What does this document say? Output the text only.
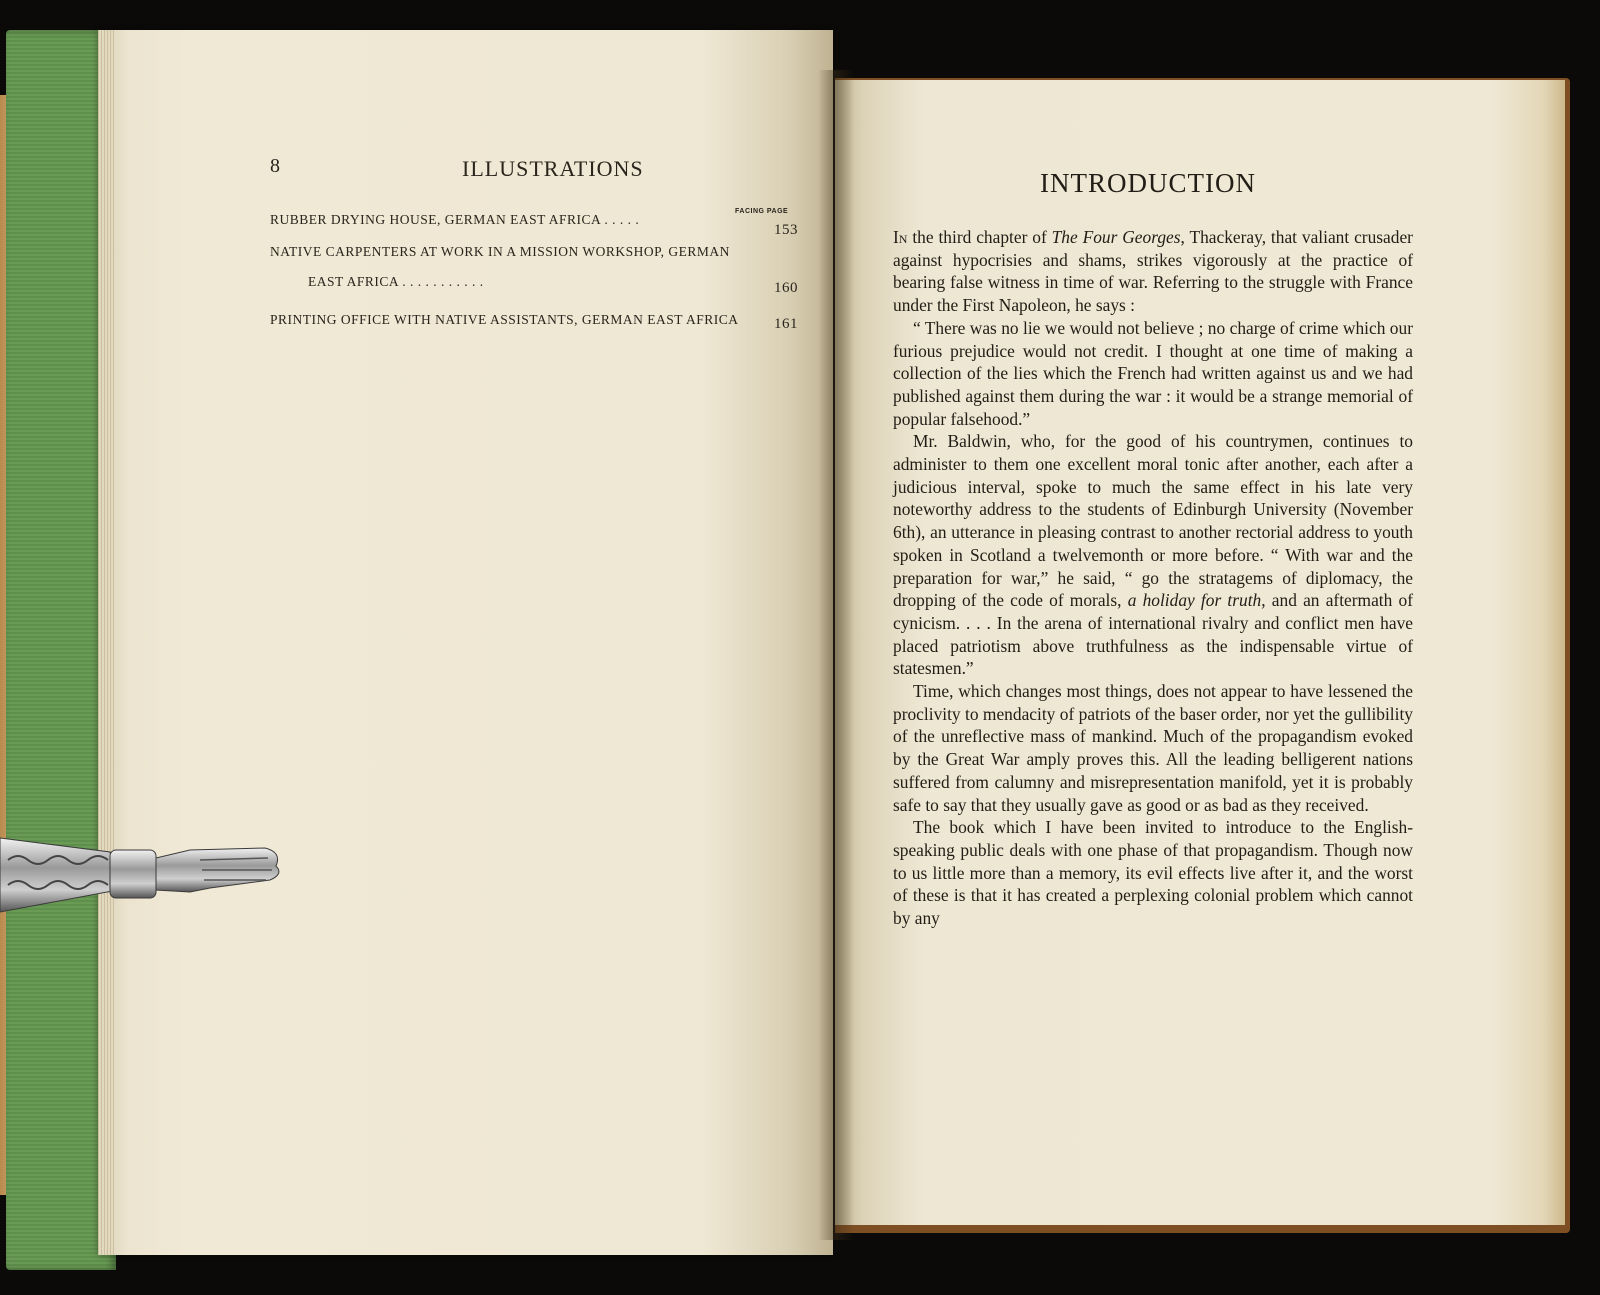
8	ILLUSTRATIONS
FACING PAGE
RUBBER DRYING HOUSE, GERMAN EAST AFRICA . . . . .
153
NATIVE CARPENTERS AT WORK IN A MISSION WORKSHOP, GERMAN
EAST AFRICA . . . . . . . . . . .	160
PRINTING OFFICE WITH NATIVE ASSISTANTS, GERMAN EAST AFRICA 161
INTRODUCTION

In the third chapter of The Four Georges, Thackeray, that valiant crusader against hypocrisies and shams, strikes vigorously at the practice of bearing false witness in time of war. Referring to the struggle with France under the First Napoleon, he says :

“ There was no lie we would not believe ; no charge of crime which our furious prejudice would not credit. I thought at one time of making a collection of the lies which the French had written against us and we had published against them during the war : it would be a strange memorial of popular falsehood.”

Mr. Baldwin, who, for the good of his countrymen, continues to administer to them one excellent moral tonic after another, each after a judicious interval, spoke to much the same effect in his late very noteworthy address to the students of Edinburgh University (November 6th), an utterance in pleasing contrast to another rectorial address to youth spoken in Scotland a twelvemonth or more before. “ With war and the preparation for war,” he said, “ go the stratagems of diplomacy, the dropping of the code of morals, a holiday for truth, and an aftermath of cynicism. . . . In the arena of international rivalry and conflict men have placed patriotism above truthfulness as the indispensable virtue of statesmen.”

Time, which changes most things, does not appear to have lessened the proclivity to mendacity of patriots of the baser order, nor yet the gullibility of the unreflective mass of mankind. Much of the propagandism evoked by the Great War amply proves this. All the leading belligerent nations suffered from calumny and misrepresentation manifold, yet it is probably safe to say that they usually gave as good or as bad as they received.

The book which I have been invited to introduce to the English-speaking public deals with one phase of that propagandism. Though now to us little more than a memory, its evil effects live after it, and the worst of these is that it has created a perplexing colonial problem which cannot by any
